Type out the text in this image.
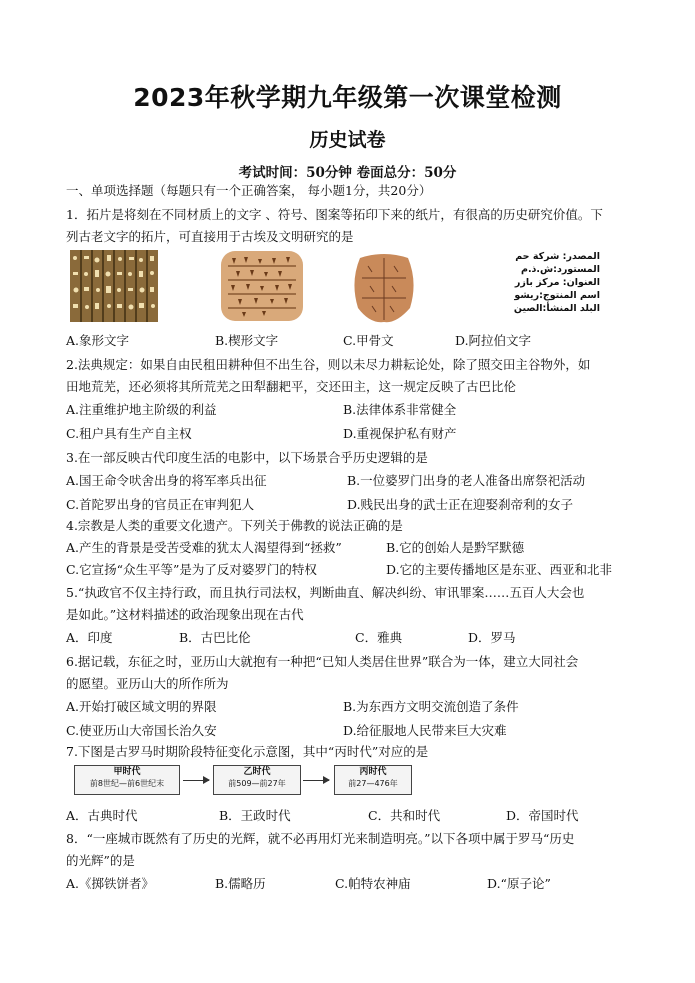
2023年秋学期九年级第一次课堂检测
历史试卷
考试时间：50分钟 卷面总分：50分
一、单项选择题（每题只有一个正确答案， 每小题1分，共20分）
1．拓片是将刻在不同材质上的文字 、符号、图案等拓印下来的纸片，有很高的历史研究价值。下
列古老文字的拓片，可直接用于古埃及文明研究的是
المصدر: شركة حم
المستورد:ش.ذ.م
العنوان: مركز بازر
اسم المنتوج:ريشو
البلد المنشأ:الصين
A.象形文字	B.楔形文字	C.甲骨文	D.阿拉伯文字
2.法典规定：如果自由民租田耕种但不出生谷，则以未尽力耕耘论处，除了照交田主谷物外，如
田地荒芜，还必须将其所荒芜之田犁翻耙平，交还田主，这一规定反映了古巴比伦
A.注重维护地主阶级的利益	B.法律体系非常健全
C.租户具有生产自主权	D.重视保护私有财产
3.在一部反映古代印度生活的电影中，以下场景合乎历史逻辑的是
A.国王命令吠舍出身的将军率兵出征	B.一位婆罗门出身的老人准备出席祭祀活动
C.首陀罗出身的官员正在审判犯人	D.贱民出身的武士正在迎娶刹帝利的女子
4.宗教是人类的重要文化遗产。下列关于佛教的说法正确的是
A.产生的背景是受苦受难的犹太人渴望得到“拯救”	B.它的创始人是黔罕默德
C.它宣扬“众生平等”是为了反对婆罗门的特权	D.它的主要传播地区是东亚、西亚和北非
5.“执政官不仅主持行政，而且执行司法权，判断曲直、解决纠纷、审讯罪案……五百人大会也
是如此。”这材料描述的政治现象出现在古代
A．印度	B．古巴比伦	C．雅典	D．罗马
6.据记载，东征之时，亚历山大就抱有一种把“已知人类居住世界”联合为一体，建立大同社会
的愿望。亚历山大的所作所为
A.开始打破区域文明的界限	B.为东西方文明交流创造了条件
C.使亚历山大帝国长治久安	D.给征服地人民带来巨大灾难
7.下图是古罗马时期阶段特征变化示意图，其中“丙时代”对应的是
甲时代
前8世纪—前6世纪末
乙时代
前509—前27年
丙时代
前27—476年
A．古典时代	B．王政时代	C．共和时代	D．帝国时代
8．“一座城市既然有了历史的光辉，就不必再用灯光来制造明亮。”以下各项中属于罗马“历史
的光辉”的是
A.《掷铁饼者》	B.儒略历	C.帕特农神庙	D.“原子论”
